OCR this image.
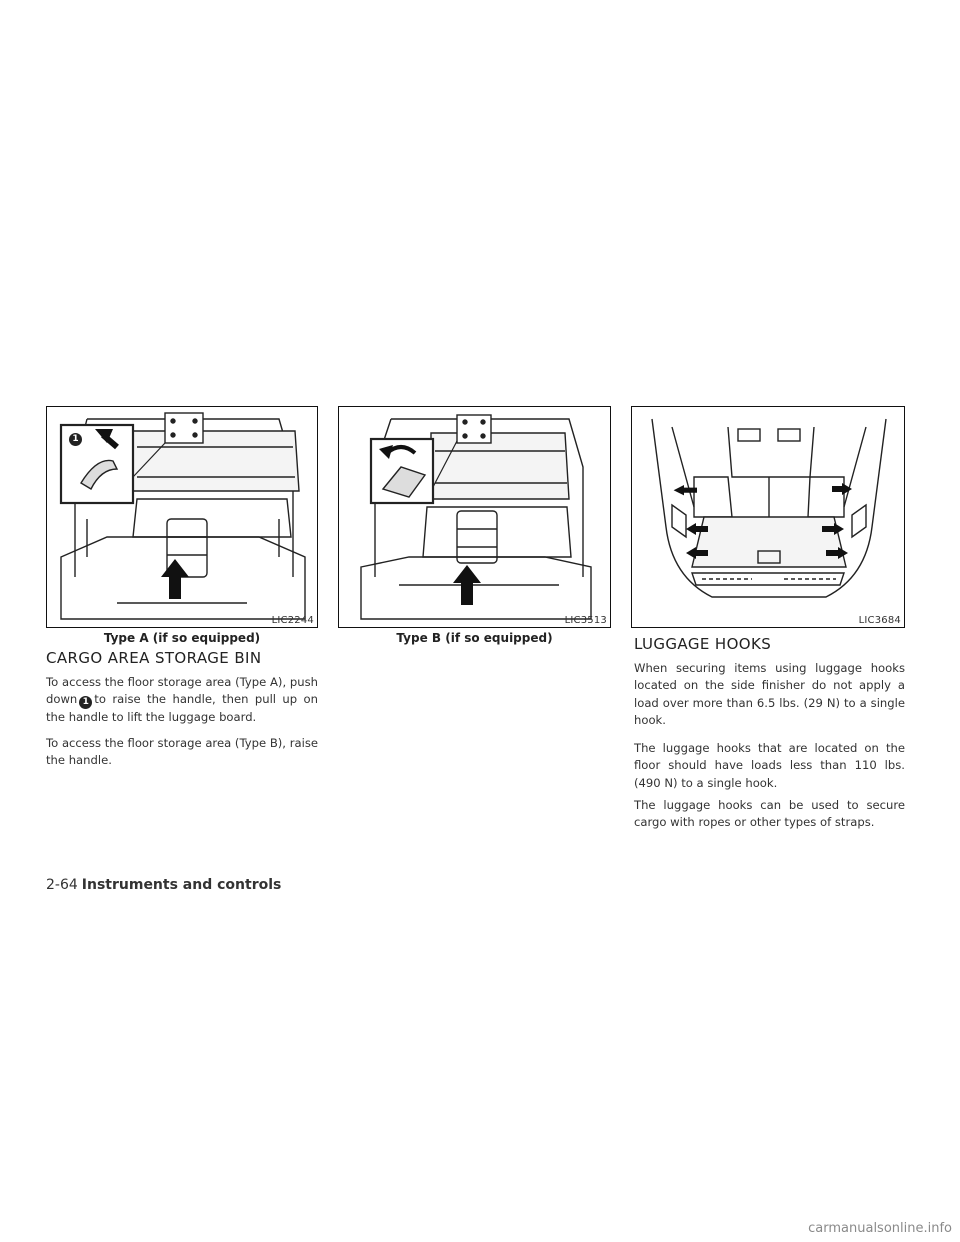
1
LIC2244
Type A (if so equipped)
LIC3513
Type B (if so equipped)
LIC3684
CARGO AREA STORAGE BIN

To access the floor storage area (Type A), push down 1 to raise the handle, then pull up on the handle to lift the luggage board.

To access the floor storage area (Type B), raise the handle.

LUGGAGE HOOKS

When securing items using luggage hooks located on the side finisher do not apply a load over more than 6.5 lbs. (29 N) to a single hook.

The luggage hooks that are located on the floor should have loads less than 110 lbs. (490 N) to a single hook.

The luggage hooks can be used to secure cargo with ropes or other types of straps.

2-64 Instruments and controls
carmanualsonline.info
